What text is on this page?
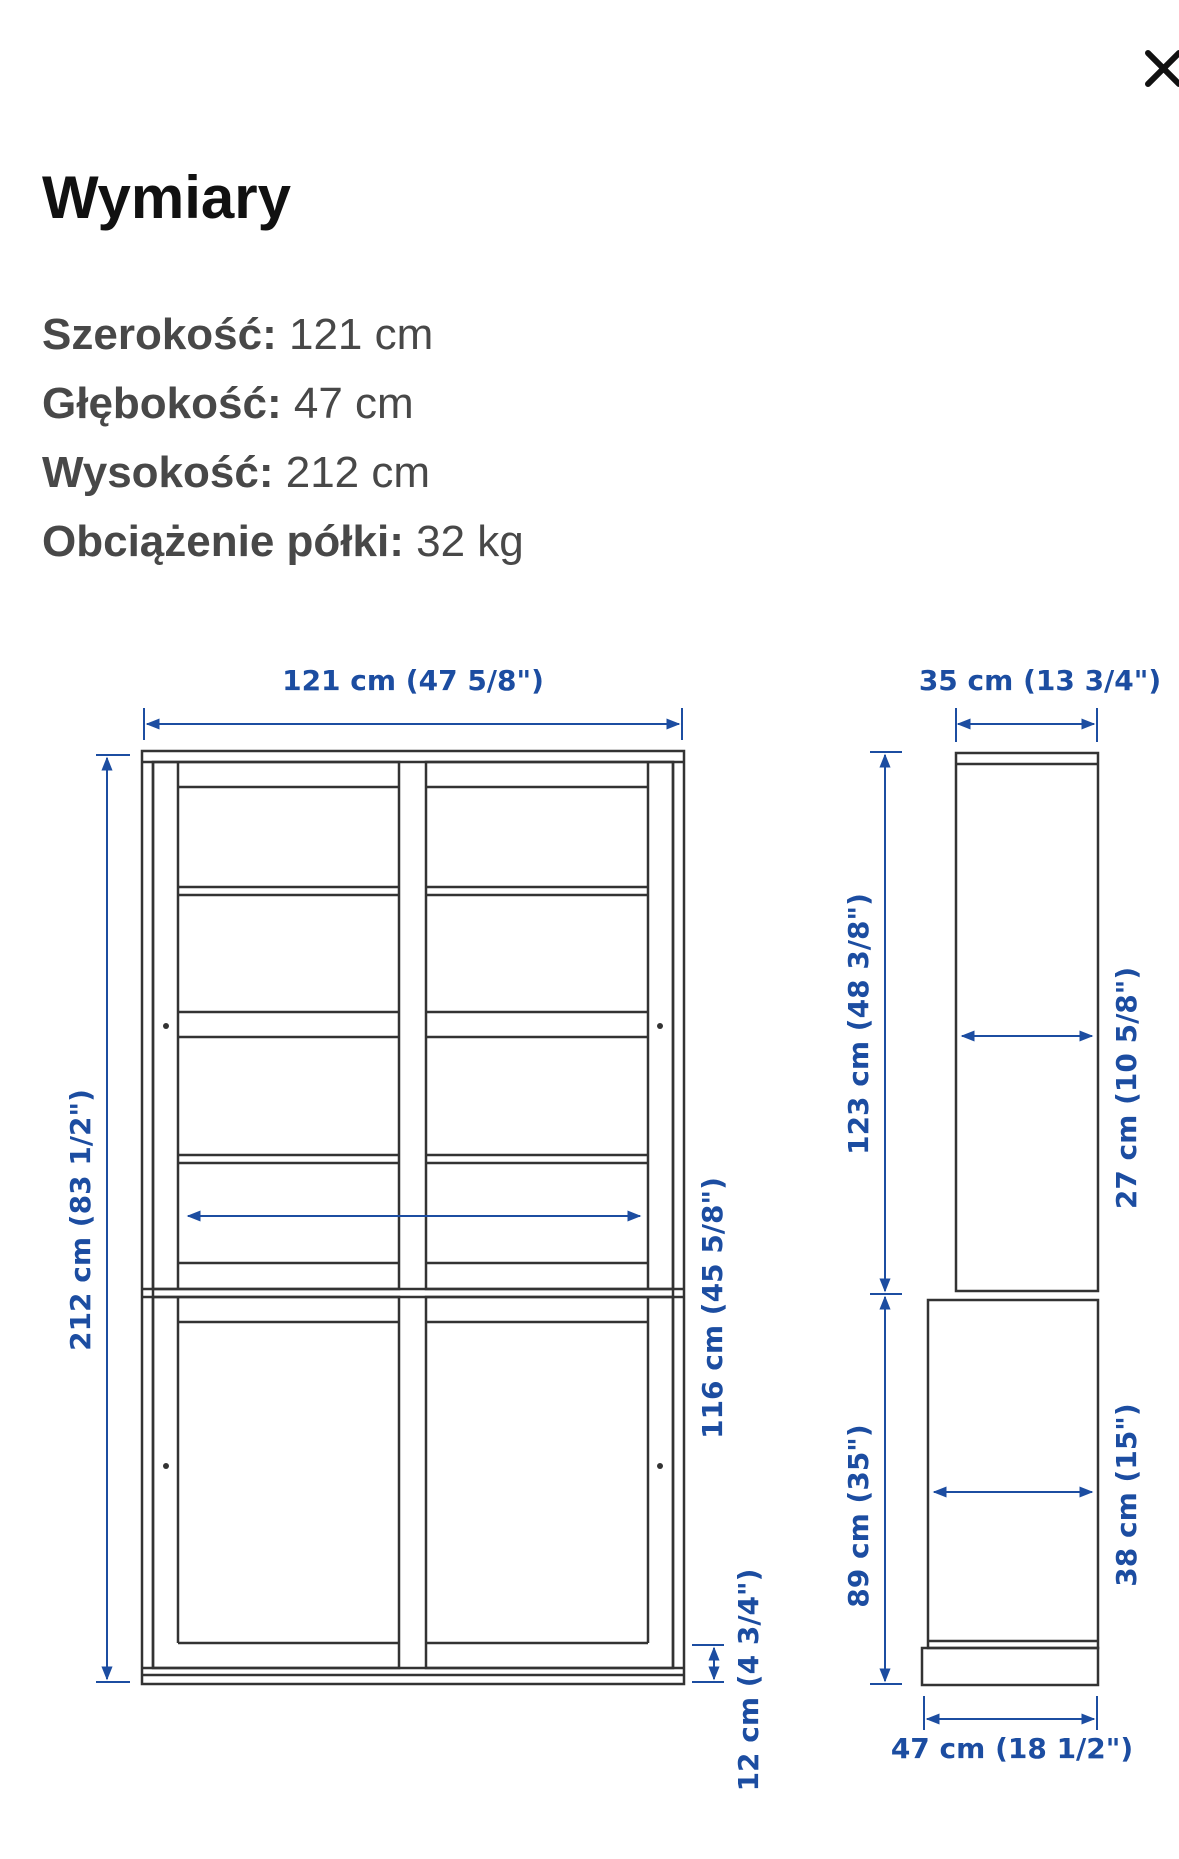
Wymiary
Szerokość: 121 cm
Głębokość: 47 cm
Wysokość: 212 cm
Obciążenie półki: 32 kg
121 cm (47 5/8")
212 cm (83 1/2")	116 cm (45 5/8")
12 cm (4 3/4")
35 cm (13 3/4")
123 cm (48 3/8")	27 cm (10 5/8")
89 cm (35")	38 cm (15")
47 cm (18 1/2")
